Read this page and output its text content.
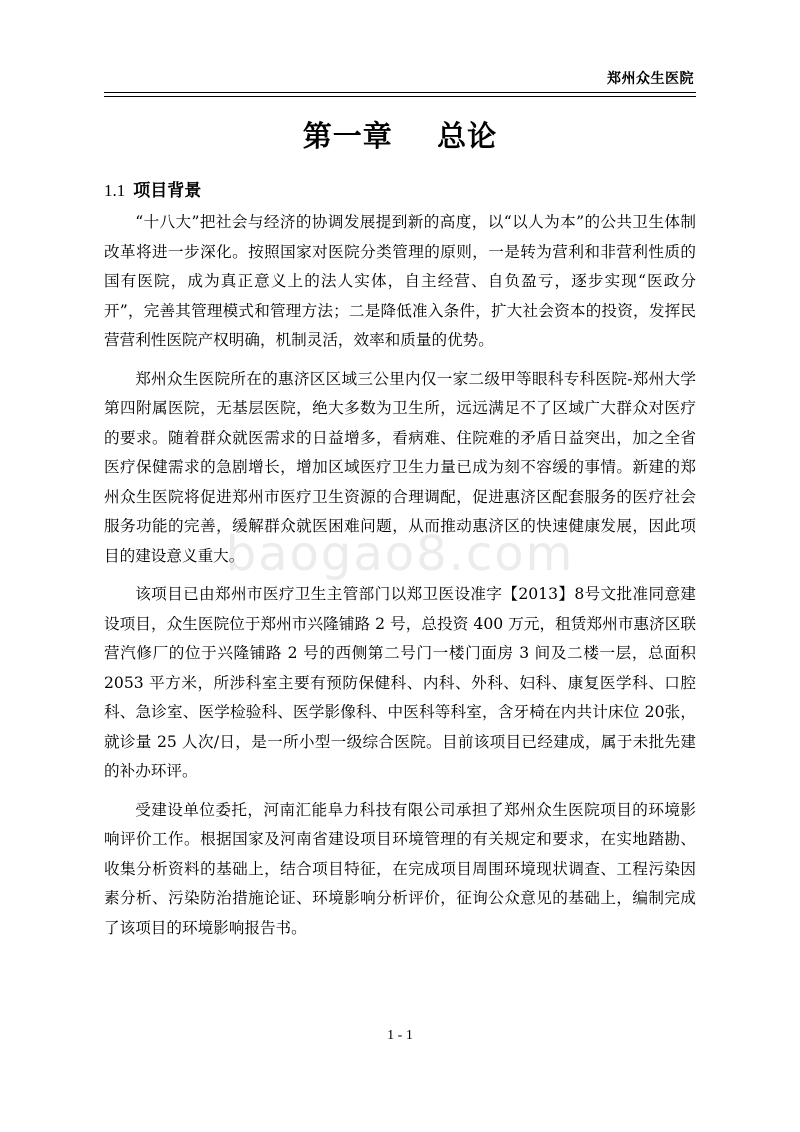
郑州众生医院
第一章    总论
1.1 项目背景

“十八大”把社会与经济的协调发展提到新的高度，以“以人为本”的公共卫生体制改革将进一步深化。按照国家对医院分类管理的原则，一是转为营利和非营利性质的国有医院，成为真正意义上的法人实体，自主经营、自负盈亏，逐步实现“医政分开”，完善其管理模式和管理方法；二是降低准入条件，扩大社会资本的投资，发挥民营营利性医院产权明确，机制灵活，效率和质量的优势。

郑州众生医院所在的惠济区区域三公里内仅一家二级甲等眼科专科医院-郑州大学第四附属医院，无基层医院，绝大多数为卫生所，远远满足不了区域广大群众对医疗的要求。随着群众就医需求的日益增多，看病难、住院难的矛盾日益突出，加之全省医疗保健需求的急剧增长，增加区域医疗卫生力量已成为刻不容缓的事情。新建的郑州众生医院将促进郑州市医疗卫生资源的合理调配，促进惠济区配套服务的医疗社会服务功能的完善，缓解群众就医困难问题，从而推动惠济区的快速健康发展，因此项目的建设意义重大。

该项目已由郑州市医疗卫生主管部门以郑卫医设准字【2013】8号文批准同意建设项目，众生医院位于郑州市兴隆铺路 2 号，总投资 400 万元，租赁郑州市惠济区联营汽修厂的位于兴隆铺路 2 号的西侧第二号门一楼门面房 3 间及二楼一层，总面积 2053 平方米，所涉科室主要有预防保健科、内科、外科、妇科、康复医学科、口腔科、急诊室、医学检验科、医学影像科、中医科等科室，含牙椅在内共计床位 20张，就诊量 25 人次/日，是一所小型一级综合医院。目前该项目已经建成，属于未批先建的补办环评。

受建设单位委托，河南汇能阜力科技有限公司承担了郑州众生医院项目的环境影响评价工作。根据国家及河南省建设项目环境管理的有关规定和要求，在实地踏勘、收集分析资料的基础上，结合项目特征，在完成项目周围环境现状调查、工程污染因素分析、污染防治措施论证、环境影响分析评价，征询公众意见的基础上，编制完成了该项目的环境影响报告书。

baogao8.com
1 - 1
